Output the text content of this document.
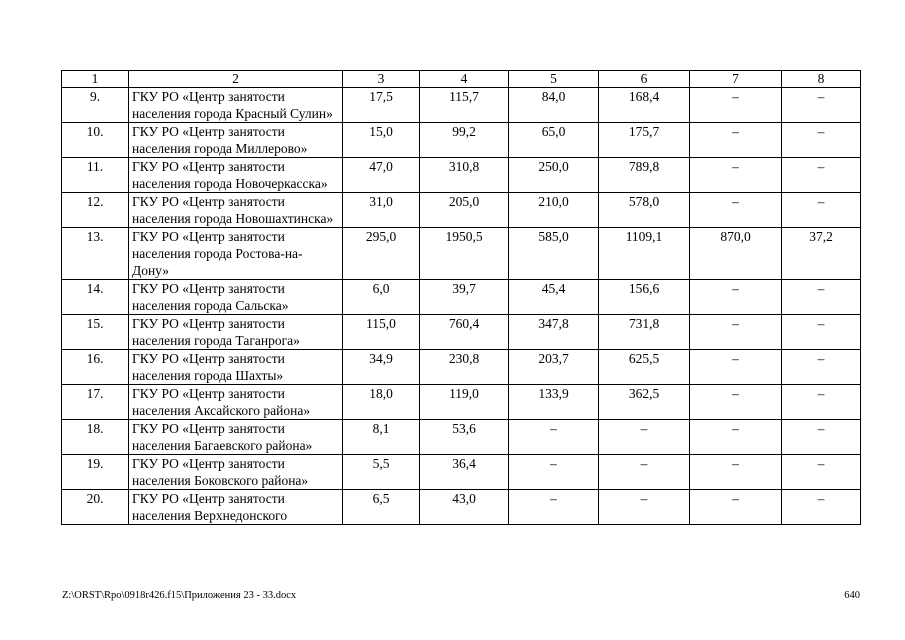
1	2	3	4	5	6	7	8
9.	ГКУ РО «Центр занятости населения города Красный Сулин»	17,5	115,7	84,0	168,4	–	–
10.	ГКУ РО «Центр занятости населения города Миллерово»	15,0	99,2	65,0	175,7	–	–
11.	ГКУ РО «Центр занятости населения города Новочеркасска»	47,0	310,8	250,0	789,8	–	–
12.	ГКУ РО «Центр занятости населения города Новошахтинска»	31,0	205,0	210,0	578,0	–	–
13.	ГКУ РО «Центр занятости населения города Ростова-на-Дону»	295,0	1950,5	585,0	1109,1	870,0	37,2
14.	ГКУ РО «Центр занятости населения города Сальска»	6,0	39,7	45,4	156,6	–	–
15.	ГКУ РО «Центр занятости населения города Таганрога»	115,0	760,4	347,8	731,8	–	–
16.	ГКУ РО «Центр занятости населения города Шахты»	34,9	230,8	203,7	625,5	–	–
17.	ГКУ РО «Центр занятости населения Аксайского района»	18,0	119,0	133,9	362,5	–	–
18.	ГКУ РО «Центр занятости населения Багаевского района»	8,1	53,6	–	–	–	–
19.	ГКУ РО «Центр занятости населения Боковского района»	5,5	36,4	–	–	–	–
20.	ГКУ РО «Центр занятости населения Верхнедонского	6,5	43,0	–	–	–	–
Z:\ORST\Rpo\0918r426.f15\Приложения 23 - 33.docx	640
